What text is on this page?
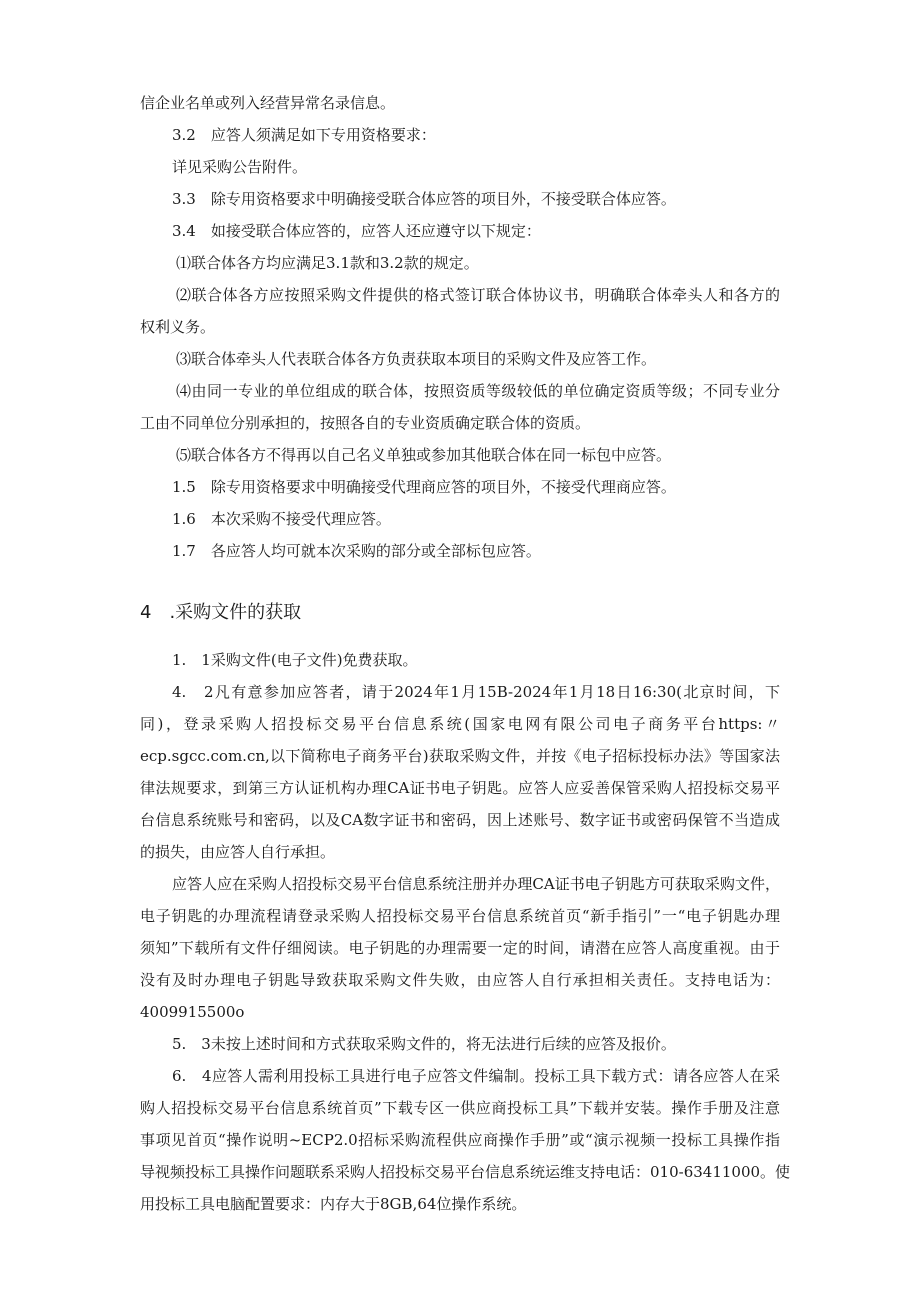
信企业名单或列入经营异常名录信息。
3.2　应答人须满足如下专用资格要求：
详见采购公告附件。
3.3　除专用资格要求中明确接受联合体应答的项目外，不接受联合体应答。
3.4　如接受联合体应答的，应答人还应遵守以下规定：
⑴联合体各方均应满足3.1款和3.2款的规定。
⑵联合体各方应按照采购文件提供的格式签订联合体协议书，明确联合体牵头人和各方的
权利义务。
⑶联合体牵头人代表联合体各方负责获取本项目的采购文件及应答工作。
⑷由同一专业的单位组成的联合体，按照资质等级较低的单位确定资质等级；不同专业分
工由不同单位分别承担的，按照各自的专业资质确定联合体的资质。
⑸联合体各方不得再以自己名义单独或参加其他联合体在同一标包中应答。
1.5　除专用资格要求中明确接受代理商应答的项目外，不接受代理商应答。
1.6　本次采购不接受代理应答。
1.7　各应答人均可就本次采购的部分或全部标包应答。
4　.采购文件的获取
1.　1采购文件(电子文件)免费获取。
4.　2凡有意参加应答者，请于2024年1月15B-2024年1月18日16:30(北京时间，下
同)，登录采购人招投标交易平台信息系统(国家电网有限公司电子商务平台https:〃
ecp.sgcc.com.cn,以下简称电子商务平台)获取采购文件，并按《电子招标投标办法》等国家法
律法规要求，到第三方认证机构办理CA证书电子钥匙。应答人应妥善保管采购人招投标交易平
台信息系统账号和密码，以及CA数字证书和密码，因上述账号、数字证书或密码保管不当造成
的损失，由应答人自行承担。
应答人应在采购人招投标交易平台信息系统注册并办理CA证书电子钥匙方可获取采购文件，
电子钥匙的办理流程请登录采购人招投标交易平台信息系统首页“新手指引”一“电子钥匙办理
须知”下载所有文件仔细阅读。电子钥匙的办理需要一定的时间，请潜在应答人高度重视。由于
没有及时办理电子钥匙导致获取采购文件失败，由应答人自行承担相关责任。支持电话为：
4009915500o
5.　3未按上述时间和方式获取采购文件的，将无法进行后续的应答及报价。
6.　4应答人需利用投标工具进行电子应答文件编制。投标工具下载方式：请各应答人在采
购人招投标交易平台信息系统首页”下载专区一供应商投标工具”下载并安装。操作手册及注意
事项见首页“操作说明~ECP2.0招标采购流程供应商操作手册”或“演示视频一投标工具操作指
导视频投标工具操作问题联系采购人招投标交易平台信息系统运维支持电话：010-63411000。使
用投标工具电脑配置要求：内存大于8GB,64位操作系统。
